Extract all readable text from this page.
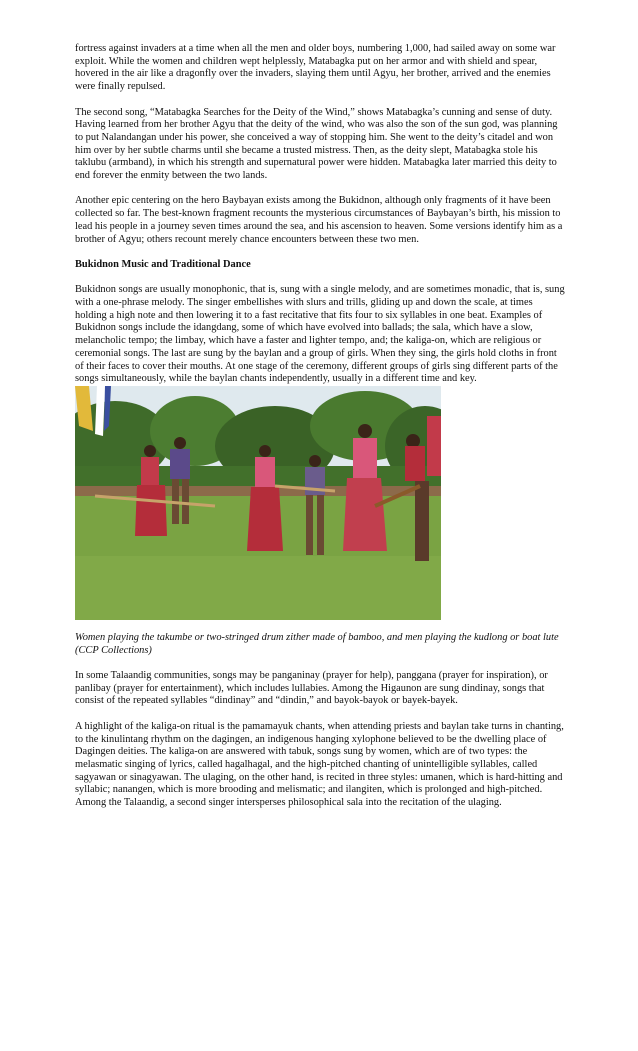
fortress against invaders at a time when all the men and older boys, numbering 1,000, had sailed away on some war exploit. While the women and children wept helplessly, Matabagka put on her armor and with shield and spear, hovered in the air like a dragonfly over the invaders, slaying them until Agyu, her brother, arrived and the enemies were finally repulsed.

The second song, “Matabagka Searches for the Deity of the Wind,” shows Matabagka’s cunning and sense of duty. Having learned from her brother Agyu that the deity of the wind, who was also the son of the sun god, was planning to put Nalandangan under his power, she conceived a way of stopping him. She went to the deity’s citadel and won him over by her subtle charms until she became a trusted mistress. Then, as the deity slept, Matabagka stole his taklubu (armband), in which his strength and supernatural power were hidden. Matabagka later married this deity to end forever the enmity between the two lands.

Another epic centering on the hero Baybayan exists among the Bukidnon, although only fragments of it have been collected so far. The best-known fragment recounts the mysterious circumstances of Baybayan’s birth, his mission to lead his people in a journey seven times around the sea, and his ascension to heaven. Some versions identify him as a brother of Agyu; others recount merely chance encounters between these two men.

Bukidnon Music and Traditional Dance

Bukidnon songs are usually monophonic, that is, sung with a single melody, and are sometimes monadic, that is, sung with a one-phrase melody. The singer embellishes with slurs and trills, gliding up and down the scale, at times holding a high note and then lowering it to a fast recitative that fits four to six syllables in one beat. Examples of Bukidnon songs include the idangdang, some of which have evolved into ballads; the sala, which have a slow, melancholic tempo; the limbay, which have a faster and lighter tempo, and; the kaliga-on, which are religious or ceremonial songs. The last are sung by the baylan and a group of girls. When they sing, the girls hold cloths in front of their faces to cover their mouths. At one stage of the ceremony, different groups of girls sing different parts of the songs simultaneously, while the baylan chants independently, usually in a different time and key.

Women playing the takumbe or two-stringed drum zither made of bamboo, and men playing the kudlong or boat lute (CCP Collections)

In some Talaandig communities, songs may be panganinay (prayer for help), panggana (prayer for inspiration), or panlibay (prayer for entertainment), which includes lullabies. Among the Higaunon are sung dindinay, songs that consist of the repeated syllables “dindinay” and “dindin,” and bayok-bayok or bayek-bayek.

A highlight of the kaliga-on ritual is the pamamayuk chants, when attending priests and baylan take turns in chanting, to the kinulintang rhythm on the dagingen, an indigenous hanging xylophone believed to be the dwelling place of Dagingen deities. The kaliga-on are answered with tabuk, songs sung by women, which are of two types: the melasmatic singing of lyrics, called hagalhagal, and the high-pitched chanting of unintelligible syllables, called sagyawan or sinagyawan. The ulaging, on the other hand, is recited in three styles: umanen, which is hard-hitting and syllabic; nanangen, which is more brooding and melismatic; and ilangiten, which is prolonged and high-pitched. Among the Talaandig, a second singer intersperses philosophical sala into the recitation of the ulaging.
